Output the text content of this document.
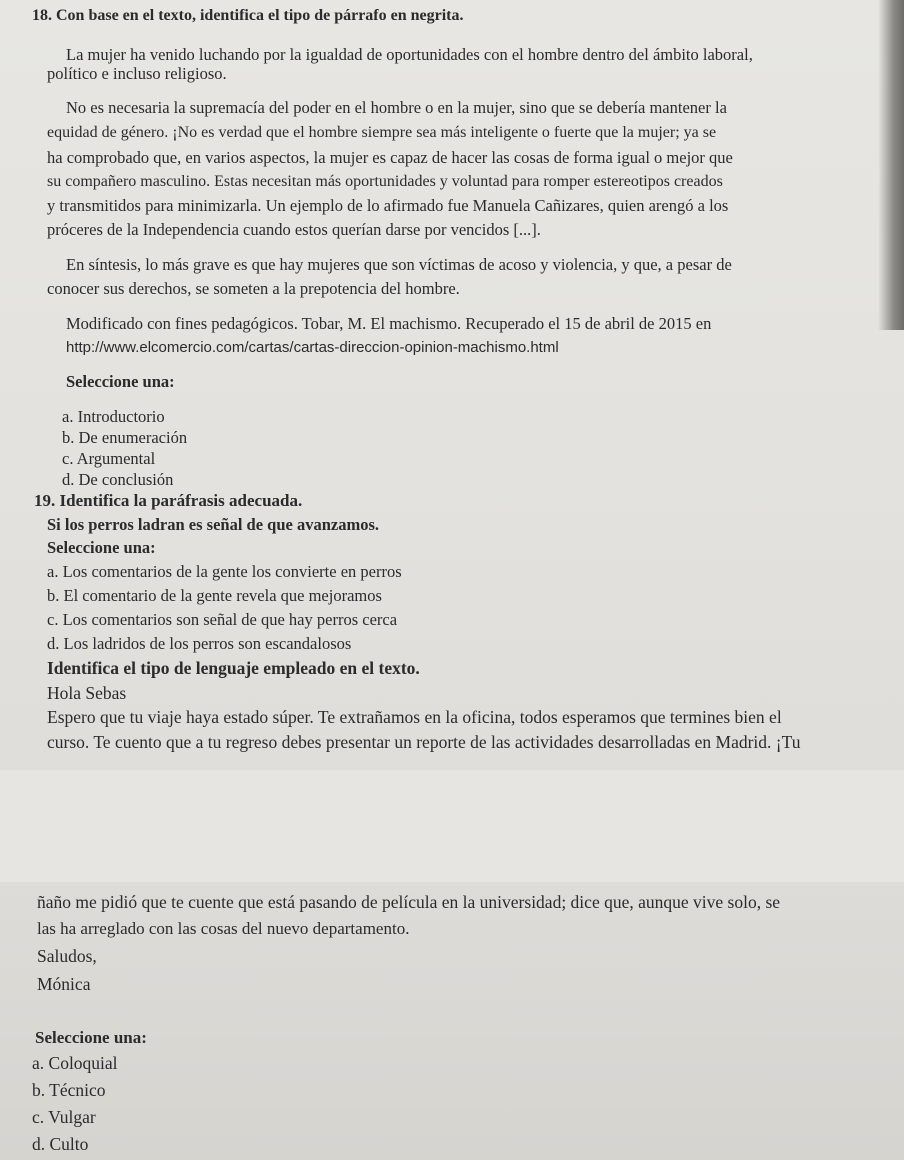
18. Con base en el texto, identifica el tipo de párrafo en negrita.
La mujer ha venido luchando por la igualdad de oportunidades con el hombre dentro del ámbito laboral,
político e incluso religioso.
No es necesaria la supremacía del poder en el hombre o en la mujer, sino que se debería mantener la
equidad de género. ¡No es verdad que el hombre siempre sea más inteligente o fuerte que la mujer; ya se
ha comprobado que, en varios aspectos, la mujer es capaz de hacer las cosas de forma igual o mejor que
su compañero masculino. Estas necesitan más oportunidades y voluntad para romper estereotipos creados
y transmitidos para minimizarla. Un ejemplo de lo afirmado fue Manuela Cañizares, quien arengó a los
próceres de la Independencia cuando estos querían darse por vencidos [...].
En síntesis, lo más grave es que hay mujeres que son víctimas de acoso y violencia, y que, a pesar de
conocer sus derechos, se someten a la prepotencia del hombre.
Modificado con fines pedagógicos. Tobar, M. El machismo. Recuperado el 15 de abril de 2015 en
http://www.elcomercio.com/cartas/cartas-direccion-opinion-machismo.html
Seleccione una:
a. Introductorio
b. De enumeración
c. Argumental
d. De conclusión
19. Identifica la paráfrasis adecuada.
Si los perros ladran es señal de que avanzamos.
Seleccione una:
a. Los comentarios de la gente los convierte en perros
b. El comentario de la gente revela que mejoramos
c. Los comentarios son señal de que hay perros cerca
d. Los ladridos de los perros son escandalosos
Identifica el tipo de lenguaje empleado en el texto.
Hola Sebas
Espero que tu viaje haya estado súper. Te extrañamos en la oficina, todos esperamos que termines bien el
curso. Te cuento que a tu regreso debes presentar un reporte de las actividades desarrolladas en Madrid. ¡Tu
ñaño me pidió que te cuente que está pasando de película en la universidad; dice que, aunque vive solo, se
las ha arreglado con las cosas del nuevo departamento.
Saludos,
Mónica
Seleccione una:
a. Coloquial
b. Técnico
c. Vulgar
d. Culto
